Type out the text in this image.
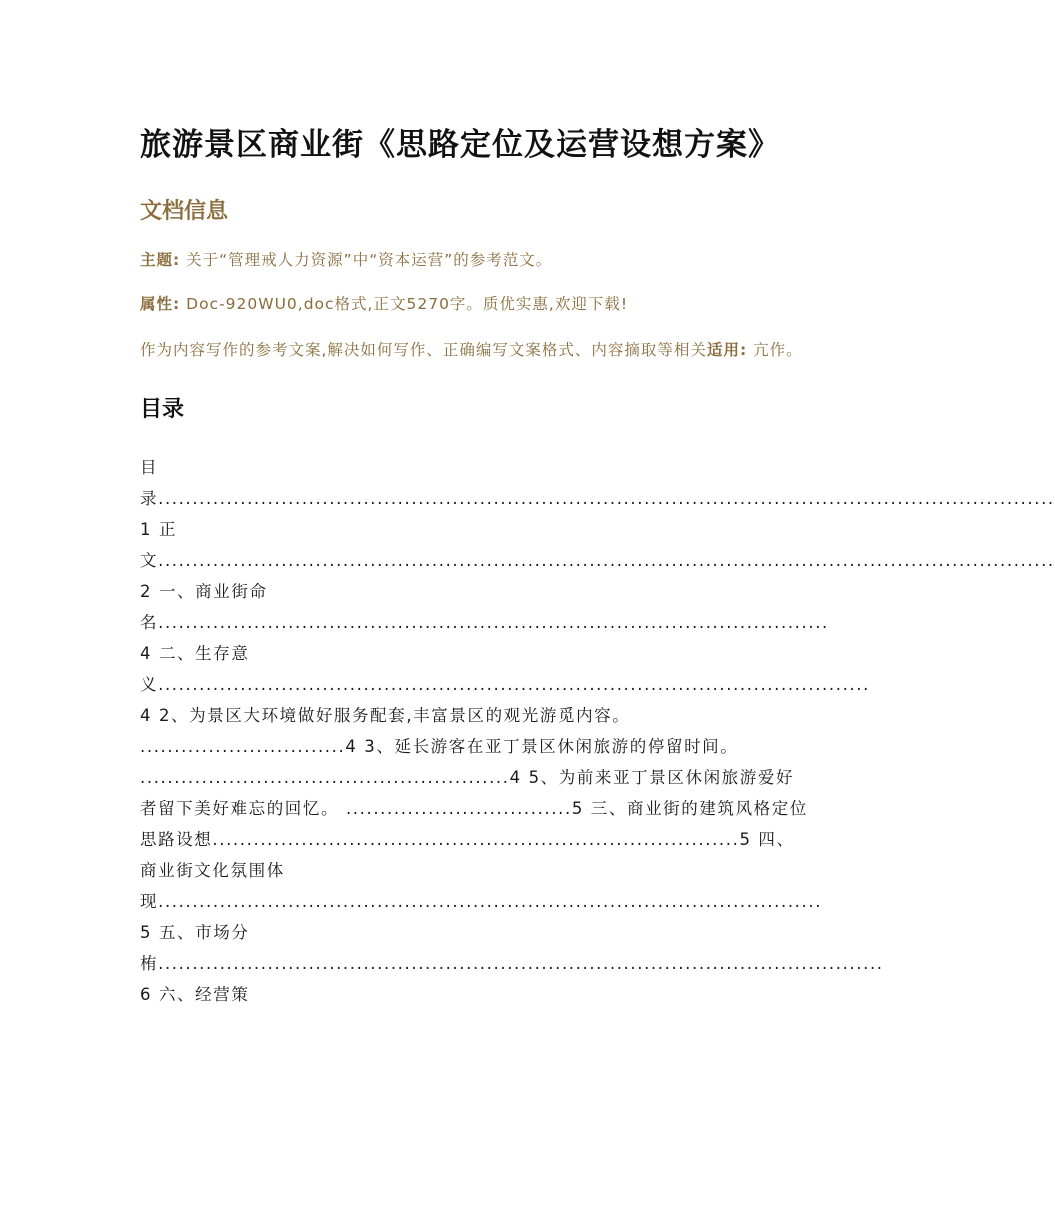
旅游景区商业街《思路定位及运营设想方案》
文档信息

主题: 关于“管理戒人力资源”中“资本运营”的参考范文。

属性: Doc-920WU0,doc格式,正文5270字。质优实惠,欢迎下载!

作为内容写作的参考文案,解决如何写作、正确编写文案格式、内容摘取等相关适用: 亢作。

目录
目录...................................................................................................................................1 正文...................................................................................................................................2 一、商业街命名..................................................................................................4 二、生存意义........................................................................................................4 2、为景区大环境做好服务配套,丰富景区的观光游觅内容。 ..............................4 3、延长游客在亚丁景区休闲旅游的停留时间。 ......................................................4 5、为前来亚丁景区休闲旅游爱好者留下美好难忘的回忆。 .................................5 三、商业街的建筑风格定位思路设想.............................................................................5 四、商业街文化氛围体现.................................................................................................5 五、市场分栯..........................................................................................................6 六、经营策
